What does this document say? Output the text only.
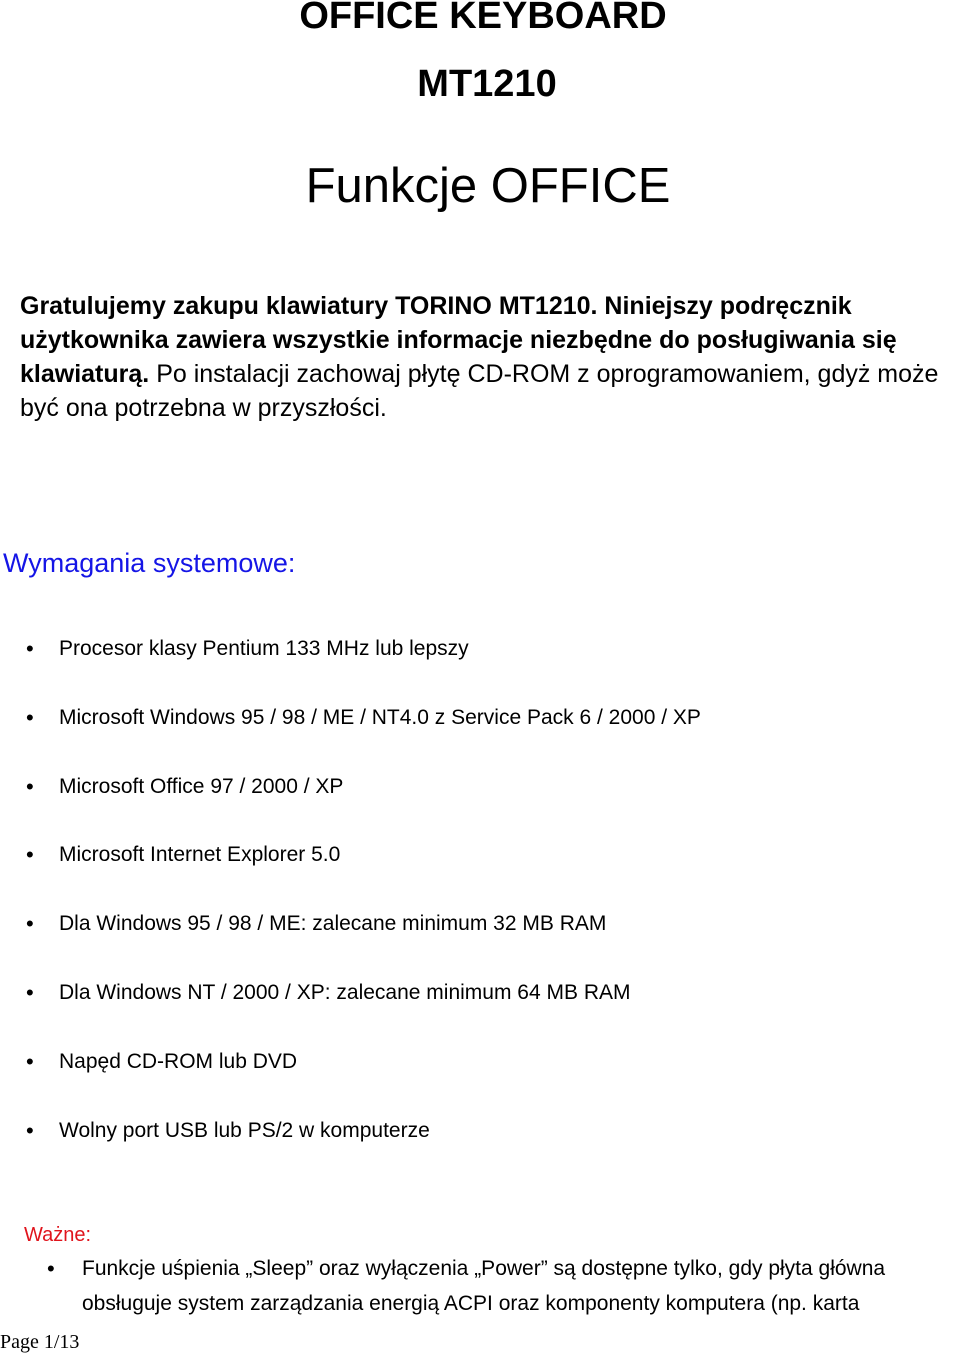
OFFICE KEYBOARD
MT1210
Funkcje OFFICE

Gratulujemy zakupu klawiatury TORINO MT1210. Niniejszy podręcznik użytkownika zawiera wszystkie informacje niezbędne do posługiwania się klawiaturą. Po instalacji zachowaj płytę CD-ROM z oprogramowaniem, gdyż może być ona potrzebna w przyszłości.

Wymagania systemowe:
• Procesor klasy Pentium 133 MHz lub lepszy
• Microsoft Windows 95 / 98 / ME / NT4.0 z Service Pack 6 / 2000 / XP
• Microsoft Office 97 / 2000 / XP
• Microsoft Internet Explorer 5.0
• Dla Windows 95 / 98 / ME: zalecane minimum 32 MB RAM
• Dla Windows NT / 2000 / XP: zalecane minimum 64 MB RAM
• Napęd CD-ROM lub DVD
• Wolny port USB lub PS/2 w komputerze
Ważne:
• Funkcje uśpienia „Sleep” oraz wyłączenia „Power” są dostępne tylko, gdy płyta główna obsługuje system zarządzania energią ACPI oraz komponenty komputera (np. karta
Page 1/13
